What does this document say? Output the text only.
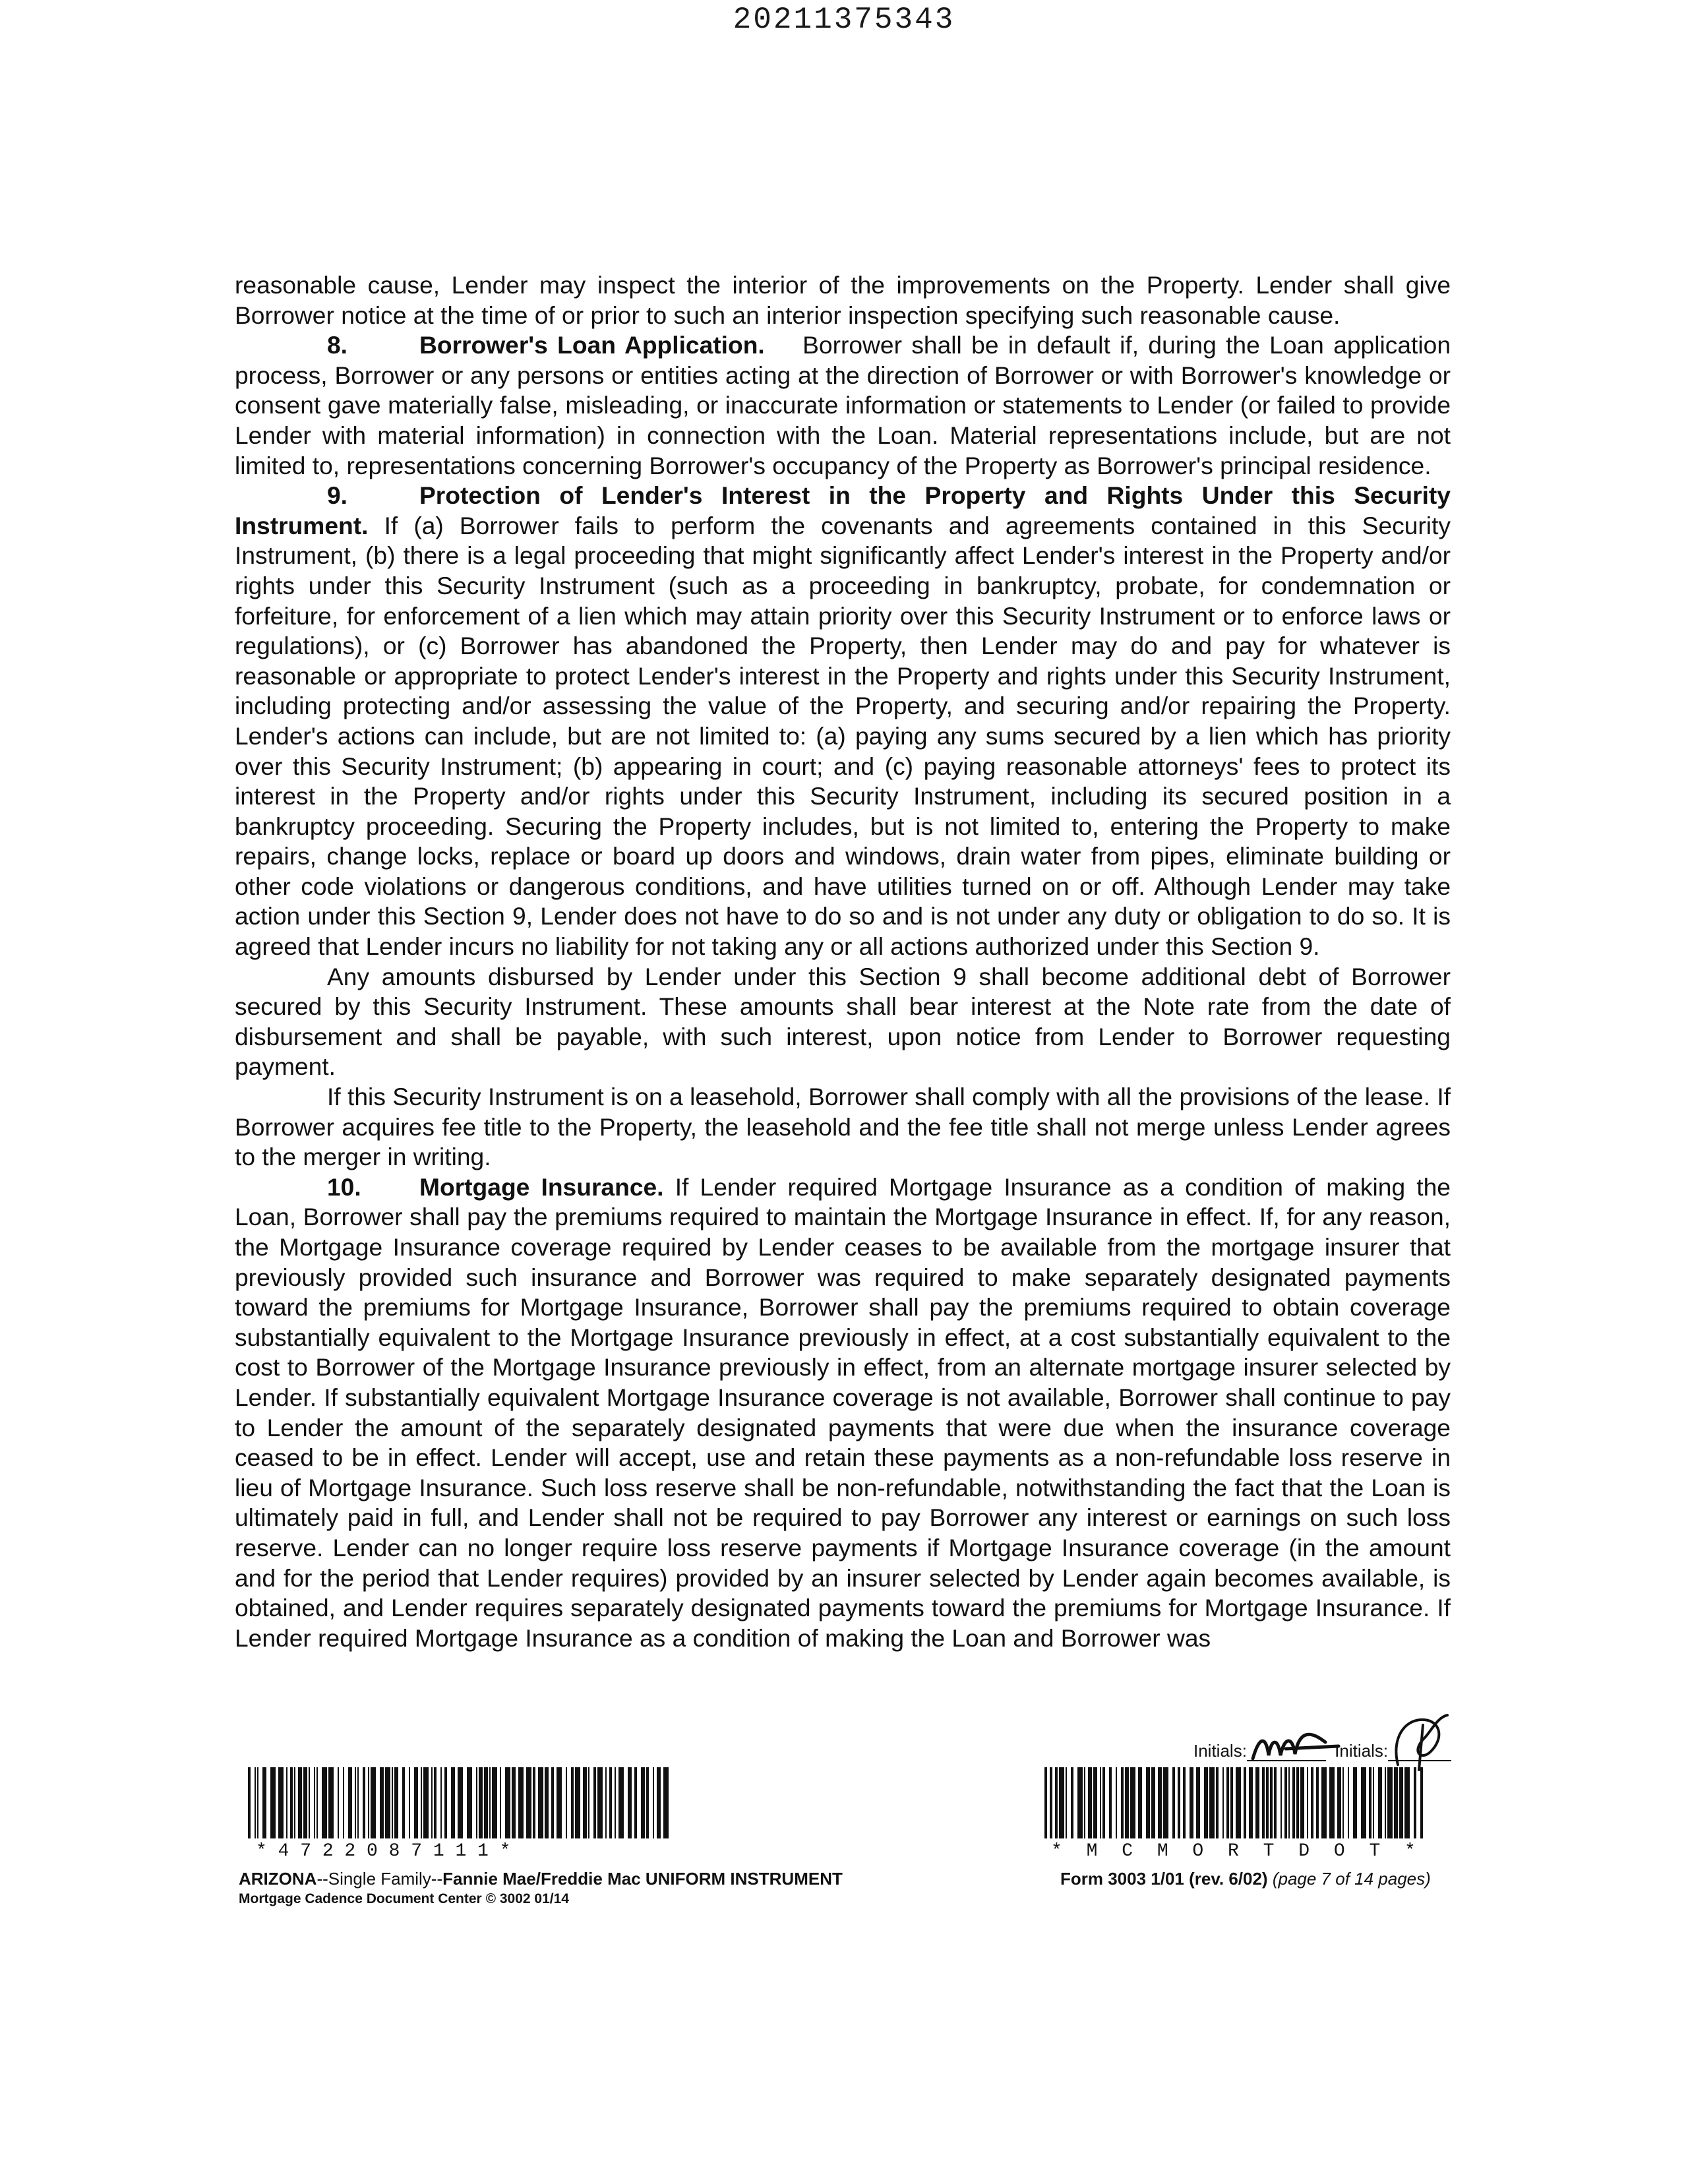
20211375343

reasonable cause, Lender may inspect the interior of the improvements on the Property. Lender shall give Borrower notice at the time of or prior to such an interior inspection specifying such reasonable cause.

8.	Borrower's Loan Application. Borrower shall be in default if, during the Loan application process, Borrower or any persons or entities acting at the direction of Borrower or with Borrower's knowledge or consent gave materially false, misleading, or inaccurate information or statements to Lender (or failed to provide Lender with material information) in connection with the Loan. Material representations include, but are not limited to, representations concerning Borrower's occupancy of the Property as Borrower's principal residence.

9.	Protection of Lender's Interest in the Property and Rights Under this Security Instrument. If (a) Borrower fails to perform the covenants and agreements contained in this Security Instrument, (b) there is a legal proceeding that might significantly affect Lender's interest in the Property and/or rights under this Security Instrument (such as a proceeding in bankruptcy, probate, for condemnation or forfeiture, for enforcement of a lien which may attain priority over this Security Instrument or to enforce laws or regulations), or (c) Borrower has abandoned the Property, then Lender may do and pay for whatever is reasonable or appropriate to protect Lender's interest in the Property and rights under this Security Instrument, including protecting and/or assessing the value of the Property, and securing and/or repairing the Property. Lender's actions can include, but are not limited to: (a) paying any sums secured by a lien which has priority over this Security Instrument; (b) appearing in court; and (c) paying reasonable attorneys' fees to protect its interest in the Property and/or rights under this Security Instrument, including its secured position in a bankruptcy proceeding. Securing the Property includes, but is not limited to, entering the Property to make repairs, change locks, replace or board up doors and windows, drain water from pipes, eliminate building or other code violations or dangerous conditions, and have utilities turned on or off. Although Lender may take action under this Section 9, Lender does not have to do so and is not under any duty or obligation to do so. It is agreed that Lender incurs no liability for not taking any or all actions authorized under this Section 9.

Any amounts disbursed by Lender under this Section 9 shall become additional debt of Borrower secured by this Security Instrument. These amounts shall bear interest at the Note rate from the date of disbursement and shall be payable, with such interest, upon notice from Lender to Borrower requesting payment.

If this Security Instrument is on a leasehold, Borrower shall comply with all the provisions of the lease. If Borrower acquires fee title to the Property, the leasehold and the fee title shall not merge unless Lender agrees to the merger in writing.

10. Mortgage Insurance. If Lender required Mortgage Insurance as a condition of making the Loan, Borrower shall pay the premiums required to maintain the Mortgage Insurance in effect. If, for any reason, the Mortgage Insurance coverage required by Lender ceases to be available from the mortgage insurer that previously provided such insurance and Borrower was required to make separately designated payments toward the premiums for Mortgage Insurance, Borrower shall pay the premiums required to obtain coverage substantially equivalent to the Mortgage Insurance previously in effect, at a cost substantially equivalent to the cost to Borrower of the Mortgage Insurance previously in effect, from an alternate mortgage insurer selected by Lender. If substantially equivalent Mortgage Insurance coverage is not available, Borrower shall continue to pay to Lender the amount of the separately designated payments that were due when the insurance coverage ceased to be in effect. Lender will accept, use and retain these payments as a non-refundable loss reserve in lieu of Mortgage Insurance. Such loss reserve shall be non-refundable, notwithstanding the fact that the Loan is ultimately paid in full, and Lender shall not be required to pay Borrower any interest or earnings on such loss reserve. Lender can no longer require loss reserve payments if Mortgage Insurance coverage (in the amount and for the period that Lender requires) provided by an insurer selected by Lender again becomes available, is obtained, and Lender requires separately designated payments toward the premiums for Mortgage Insurance. If Lender required Mortgage Insurance as a condition of making the Loan and Borrower was

Initials:	Initials:
* 4 7 2 2 0 8 7 1 1 1 *	* M C M O R T D O T *
ARIZONA--Single Family--Fannie Mae/Freddie Mac UNIFORM INSTRUMENT
Mortgage Cadence Document Center © 3002 01/14
Form 3003 1/01 (rev. 6/02) (page 7 of 14 pages)
